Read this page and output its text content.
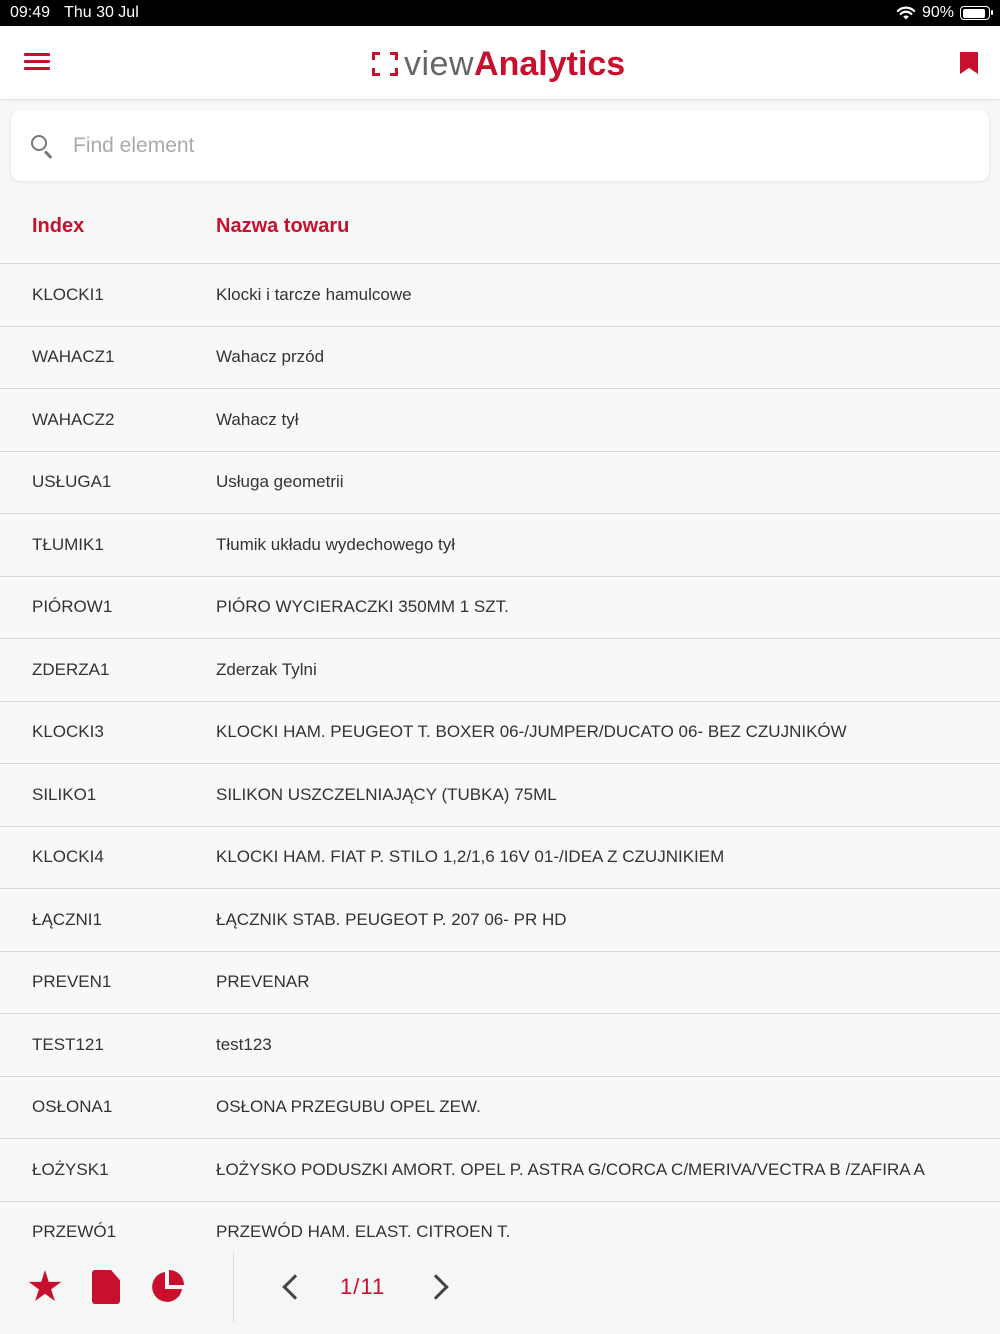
09:49 Thu 30 Jul	90%
view Analytics
Find element
Index	Nazwa towaru
KLOCKI1	Klocki i tarcze hamulcowe
WAHACZ1	Wahacz przód
WAHACZ2	Wahacz tył
USŁUGA1	Usługa geometrii
TŁUMIK1	Tłumik układu wydechowego tył
PIÓROW1	PIÓRO WYCIERACZKI 350MM 1 SZT.
ZDERZA1	Zderzak Tylni
KLOCKI3	KLOCKI HAM. PEUGEOT T. BOXER 06-/JUMPER/DUCATO 06- BEZ CZUJNIKÓW
SILIKO1	SILIKON USZCZELNIAJĄCY (TUBKA) 75ML
KLOCKI4	KLOCKI HAM. FIAT P. STILO 1,2/1,6 16V 01-/IDEA Z CZUJNIKIEM
ŁĄCZNI1	ŁĄCZNIK STAB. PEUGEOT P. 207 06- PR HD
PREVEN1	PREVENAR
TEST121	test123
OSŁONA1	OSŁONA PRZEGUBU OPEL ZEW.
ŁOŻYSK1	ŁOŻYSKO PODUSZKI AMORT. OPEL P. ASTRA G/CORCA C/MERIVA/VECTRA B /ZAFIRA A
PRZEWÓ1	PRZEWÓD HAM. ELAST. CITROEN T.
1/11
